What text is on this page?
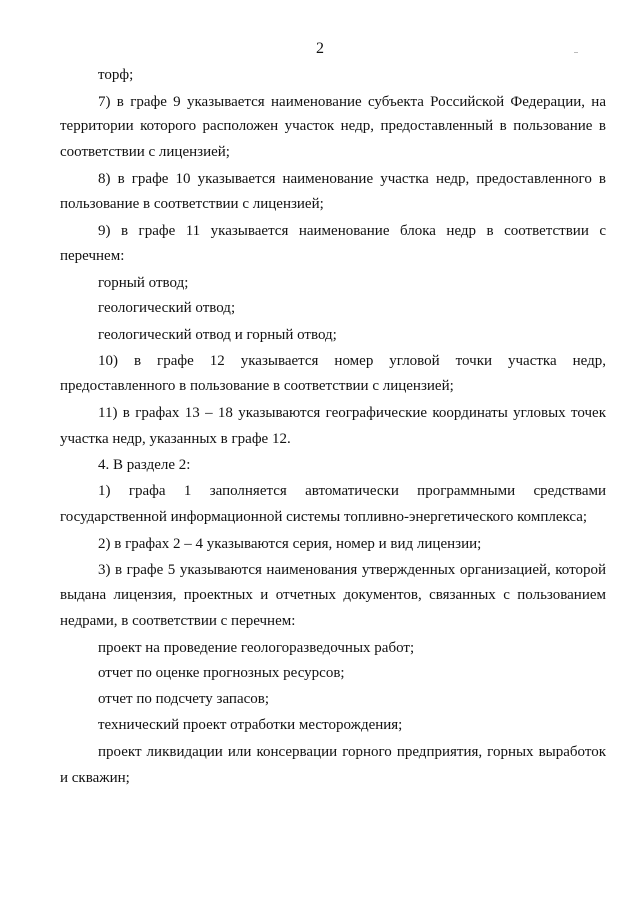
2
торф;
7) в графе 9 указывается наименование субъекта Российской Федерации, на
территории которого расположен участок недр, предоставленный в пользование в
соответствии с лицензией;
8) в графе 10 указывается наименование участка недр, предоставленного в
пользование в соответствии с лицензией;
9) в графе 11 указывается наименование блока недр в соответствии с
перечнем:
горный отвод;
геологический отвод;
геологический отвод и горный отвод;
10) в графе 12 указывается номер угловой точки участка недр,
предоставленного в пользование в соответствии с лицензией;
11) в графах 13 – 18 указываются географические координаты угловых точек
участка недр, указанных в графе 12.
4. В разделе 2:
1) графа 1 заполняется автоматически программными средствами
государственной информационной системы топливно-энергетического комплекса;
2) в графах 2 – 4 указываются серия, номер и вид лицензии;
3) в графе 5 указываются наименования утвержденных организацией, которой
выдана лицензия, проектных и отчетных документов, связанных с пользованием
недрами, в соответствии с перечнем:
проект на проведение геологоразведочных работ;
отчет по оценке прогнозных ресурсов;
отчет по подсчету запасов;
технический проект отработки месторождения;
проект ликвидации или консервации горного предприятия, горных выработок
и скважин;
